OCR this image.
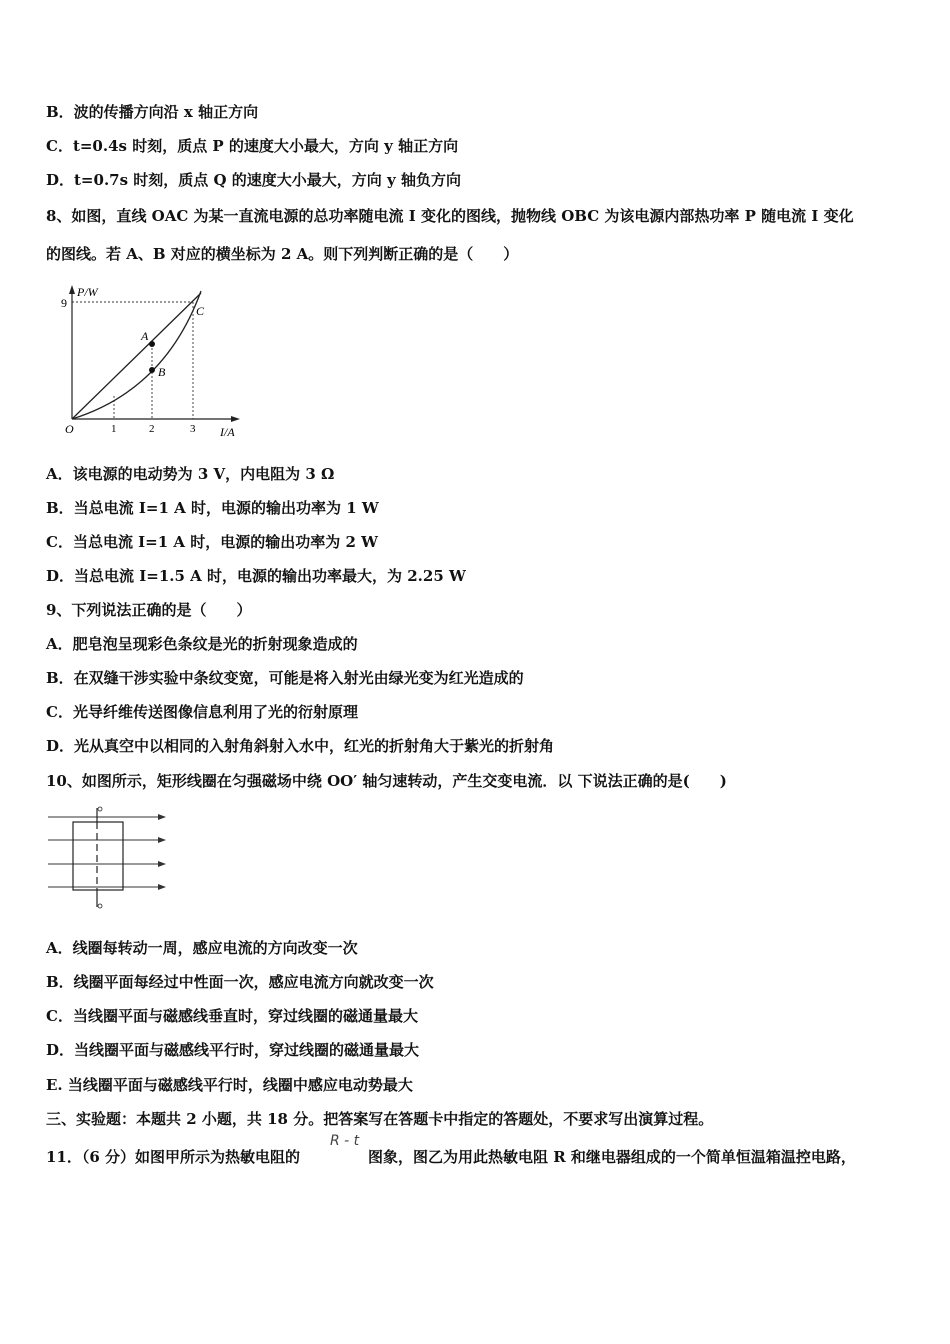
B．波的传播方向沿 x 轴正方向
C．t=0.4s 时刻，质点 P 的速度大小最大，方向 y 轴正方向
D．t=0.7s 时刻，质点 Q 的速度大小最大，方向 y 轴负方向
8、如图，直线 OAC 为某一直流电源的总功率随电流 I 变化的图线，抛物线 OBC 为该电源内部热功率 P 随电流 I 变化
的图线。若 A、B 对应的横坐标为 2 A。则下列判断正确的是（　　）
P/W
9
O	1	2	3 I/A
A
B
C
A．该电源的电动势为 3 V，内电阻为 3 Ω
B．当总电流 I=1 A 时，电源的输出功率为 1 W
C．当总电流 I=1 A 时，电源的输出功率为 2 W
D．当总电流 I=1.5 A 时，电源的输出功率最大，为 2.25 W
9、下列说法正确的是（　　）
A．肥皂泡呈现彩色条纹是光的折射现象造成的
B．在双缝干涉实验中条纹变宽，可能是将入射光由绿光变为红光造成的
C．光导纤维传送图像信息利用了光的衍射原理
D．光从真空中以相同的入射角斜射入水中，红光的折射角大于紫光的折射角
10、如图所示，矩形线圈在匀强磁场中绕 OO′ 轴匀速转动，产生交变电流．以 下说法正确的是(　　)
A．线圈每转动一周，感应电流的方向改变一次
B．线圈平面每经过中性面一次，感应电流方向就改变一次
C．当线圈平面与磁感线垂直时，穿过线圈的磁通量最大
D．当线圈平面与磁感线平行时，穿过线圈的磁通量最大
E. 当线圈平面与磁感线平行时，线圈中感应电动势最大
三、实验题：本题共 2 小题，共 18 分。把答案写在答题卡中指定的答题处，不要求写出演算过程。
11．（6 分）如图甲所示为热敏电阻的
R - t
图象，图乙为用此热敏电阻 R 和继电器组成的一个简单恒温箱温控电路，
